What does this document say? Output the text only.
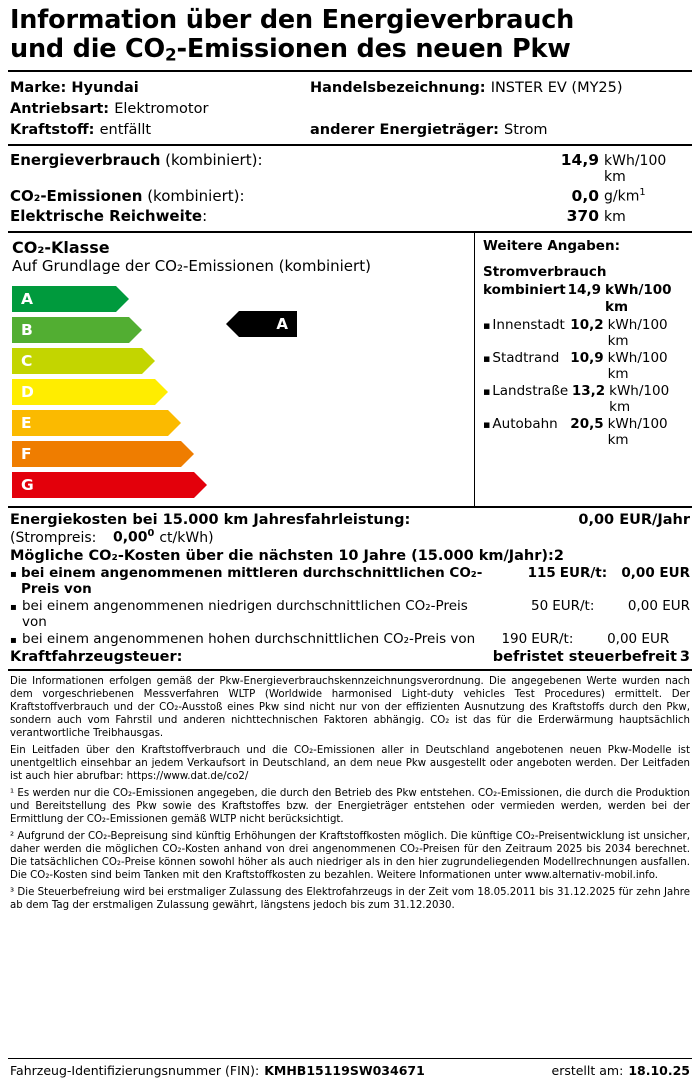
Information über den Energieverbrauch
und die $CO_2$-Emissionen des neuen Pkw
Marke: Hyundai	Handelsbezeichnung: INSTER EV (MY25)
Antriebsart: Elektromotor
Kraftstoff: entfällt	anderer Energieträger: Strom
Energieverbrauch (kombiniert):	14,9 kWh/100 km
CO₂-Emissionen (kombiniert):	0,0 $g/km^1$
Elektrische Reichweite:	370 km
CO₂-Klasse
Auf Grundlage der CO₂-Emissionen (kombiniert)
A
B
C
D
E
F
G
A
Weitere Angaben:
Stromverbrauch
kombiniert 14,9 kWh/100 km
▪ Innenstadt 10,2 kWh/100 km
▪ Stadtrand 10,9 kWh/100 km
▪ Landstraße 13,2 kWh/100 km
▪ Autobahn 20,5 kWh/100 km
Energiekosten bei 15.000 km Jahresfahrleistung:	0,00 EUR/Jahr
(Strompreis:	0,00$^0$ ct/kWh)
Mögliche CO₂-Kosten über die nächsten 10 Jahre (15.000 km/Jahr): 2
▪ bei einem angenommenen mittleren durchschnittlichen CO₂-Preis von
115 EUR/t:	0,00 EUR
▪ bei einem angenommenen niedrigen durchschnittlichen CO₂-Preis von
50 EUR/t:	0,00 EUR
▪ bei einem angenommenen hohen durchschnittlichen CO₂-Preis von	190 EUR/t:	0,00 EUR
Kraftfahrzeugsteuer:	befristet steuerbefreit 3

Die Informationen erfolgen gemäß der Pkw-Energieverbrauchskennzeichnungsverordnung. Die angegebenen Werte wurden nach dem vorgeschriebenen Messverfahren WLTP (Worldwide harmonised Light-duty vehicles Test Procedures) ermittelt. Der Kraftstoffverbrauch und der CO₂-Ausstoß eines Pkw sind nicht nur von der effizienten Ausnutzung des Kraftstoffs durch den Pkw, sondern auch vom Fahrstil und anderen nichttechnischen Faktoren abhängig. CO₂ ist das für die Erderwärmung hauptsächlich verantwortliche Treibhausgas.

Ein Leitfaden über den Kraftstoffverbrauch und die CO₂-Emissionen aller in Deutschland angebotenen neuen Pkw-Modelle ist unentgeltlich einsehbar an jedem Verkaufsort in Deutschland, an dem neue Pkw ausgestellt oder angeboten werden. Der Leitfaden ist auch hier abrufbar: https://www.dat.de/co2/

¹ Es werden nur die CO₂-Emissionen angegeben, die durch den Betrieb des Pkw entstehen. CO₂-Emissionen, die durch die Produktion und Bereitstellung des Pkw sowie des Kraftstoffes bzw. der Energieträger entstehen oder vermieden werden, werden bei der Ermittlung der CO₂-Emissionen gemäß WLTP nicht berücksichtigt.

² Aufgrund der CO₂-Bepreisung sind künftig Erhöhungen der Kraftstoffkosten möglich. Die künftige CO₂-Preisentwicklung ist unsicher, daher werden die möglichen CO₂-Kosten anhand von drei angenommenen CO₂-Preisen für den Zeitraum 2025 bis 2034 berechnet. Die tatsächlichen CO₂-Preise können sowohl höher als auch niedriger als in den hier zugrundeliegenden Modellrechnungen ausfallen. Die CO₂-Kosten sind beim Tanken mit den Kraftstoffkosten zu bezahlen. Weitere Informationen unter www.alternativ-mobil.info.

³ Die Steuerbefreiung wird bei erstmaliger Zulassung des Elektrofahrzeugs in der Zeit vom 18.05.2011 bis 31.12.2025 für zehn Jahre ab dem Tag der erstmaligen Zulassung gewährt, längstens jedoch bis zum 31.12.2030.

Fahrzeug-Identifizierungsnummer (FIN): KMHB15119SW034671	erstellt am: 18.10.25
